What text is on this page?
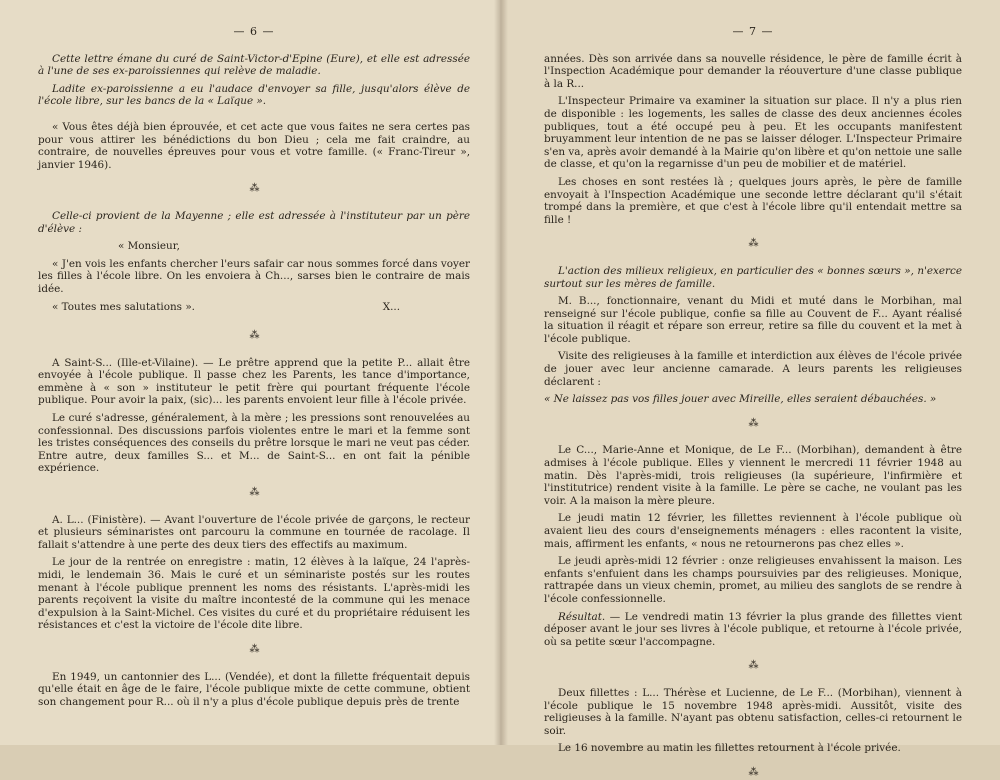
— 6 —

Cette lettre émane du curé de Saint-Victor-d'Epine (Eure), et elle est adressée à l'une de ses ex-paroissiennes qui relève de maladie.

Ladite ex-paroissienne a eu l'audace d'envoyer sa fille, jusqu'alors élève de l'école libre, sur les bancs de la « Laïque ».

« Vous êtes déjà bien éprouvée, et cet acte que vous faites ne sera certes pas pour vous attirer les bénédictions du bon Dieu ; cela me fait craindre, au contraire, de nouvelles épreuves pour vous et votre famille. (« Franc-Tireur », janvier 1946).

⁂

Celle-ci provient de la Mayenne ; elle est adressée à l'instituteur par un père d'élève :

« Monsieur,

« J'en vois les enfants chercher l'eurs safair car nous sommes forcé dans voyer les filles à l'école libre. On les envoiera à Ch..., sarses bien le contraire de mais idée.

« Toutes mes salutations ».	X...
⁂

A Saint-S... (Ille-et-Vilaine). — Le prêtre apprend que la petite P... allait être envoyée à l'école publique. Il passe chez les Parents, les tance d'importance, emmène à « son » instituteur le petit frère qui pourtant fréquente l'école publique. Pour avoir la paix, (sic)... les parents envoient leur fille à l'école privée.

Le curé s'adresse, généralement, à la mère ; les pressions sont renouvelées au confessionnal. Des discussions parfois violentes entre le mari et la femme sont les tristes conséquences des conseils du prêtre lorsque le mari ne veut pas céder. Entre autre, deux familles S... et M... de Saint-S... en ont fait la pénible expérience.

⁂

A. L... (Finistère). — Avant l'ouverture de l'école privée de garçons, le recteur et plusieurs séminaristes ont parcouru la commune en tournée de racolage. Il fallait s'attendre à une perte des deux tiers des effectifs au maximum.

Le jour de la rentrée on enregistre : matin, 12 élèves à la laïque, 24 l'après-midi, le lendemain 36. Mais le curé et un séminariste postés sur les routes menant à l'école publique prennent les noms des résistants. L'après-midi les parents reçoivent la visite du maître incontesté de la commune qui les menace d'expulsion à la Saint-Michel. Ces visites du curé et du propriétaire réduisent les résistances et c'est la victoire de l'école dite libre.

⁂

En 1949, un cantonnier des L... (Vendée), et dont la fillette fréquentait depuis qu'elle était en âge de le faire, l'école publique mixte de cette commune, obtient son changement pour R... où il n'y a plus d'école publique depuis près de trente

— 7 —

années. Dès son arrivée dans sa nouvelle résidence, le père de famille écrit à l'Inspection Académique pour demander la réouverture d'une classe publique à la R...

L'Inspecteur Primaire va examiner la situation sur place. Il n'y a plus rien de disponible : les logements, les salles de classe des deux anciennes écoles publiques, tout a été occupé peu à peu. Et les occupants manifestent bruyamment leur intention de ne pas se laisser déloger. L'Inspecteur Primaire s'en va, après avoir demandé à la Mairie qu'on libère et qu'on nettoie une salle de classe, et qu'on la regarnisse d'un peu de mobilier et de matériel.

Les choses en sont restées là ; quelques jours après, le père de famille envoyait à l'Inspection Académique une seconde lettre déclarant qu'il s'était trompé dans la première, et que c'est à l'école libre qu'il entendait mettre sa fille !

⁂

L'action des milieux religieux, en particulier des « bonnes sœurs », n'exerce surtout sur les mères de famille.

M. B..., fonctionnaire, venant du Midi et muté dans le Morbihan, mal renseigné sur l'école publique, confie sa fille au Couvent de F... Ayant réalisé la situation il réagit et répare son erreur, retire sa fille du couvent et la met à l'école publique.

Visite des religieuses à la famille et interdiction aux élèves de l'école privée de jouer avec leur ancienne camarade. A leurs parents les religieuses déclarent :

« Ne laissez pas vos filles jouer avec Mireille, elles seraient débauchées. »

⁂

Le C..., Marie-Anne et Monique, de Le F... (Morbihan), demandent à être admises à l'école publique. Elles y viennent le mercredi 11 février 1948 au matin. Dès l'après-midi, trois religieuses (la supérieure, l'infirmière et l'institutrice) rendent visite à la famille. Le père se cache, ne voulant pas les voir. A la maison la mère pleure.

Le jeudi matin 12 février, les fillettes reviennent à l'école publique où avaient lieu des cours d'enseignements ménagers : elles racontent la visite, mais, affirment les enfants, « nous ne retournerons pas chez elles ».

Le jeudi après-midi 12 février : onze religieuses envahissent la maison. Les enfants s'enfuient dans les champs poursuivies par des religieuses. Monique, rattrapée dans un vieux chemin, promet, au milieu des sanglots de se rendre à l'école confessionnelle.

Résultat. — Le vendredi matin 13 février la plus grande des fillettes vient déposer avant le jour ses livres à l'école publique, et retourne à l'école privée, où sa petite sœur l'accompagne.

⁂

Deux fillettes : L... Thérèse et Lucienne, de Le F... (Morbihan), viennent à l'école publique le 15 novembre 1948 après-midi. Aussitôt, visite des religieuses à la famille. N'ayant pas obtenu satisfaction, celles-ci retournent le soir.

Le 16 novembre au matin les fillettes retournent à l'école privée.

⁂
